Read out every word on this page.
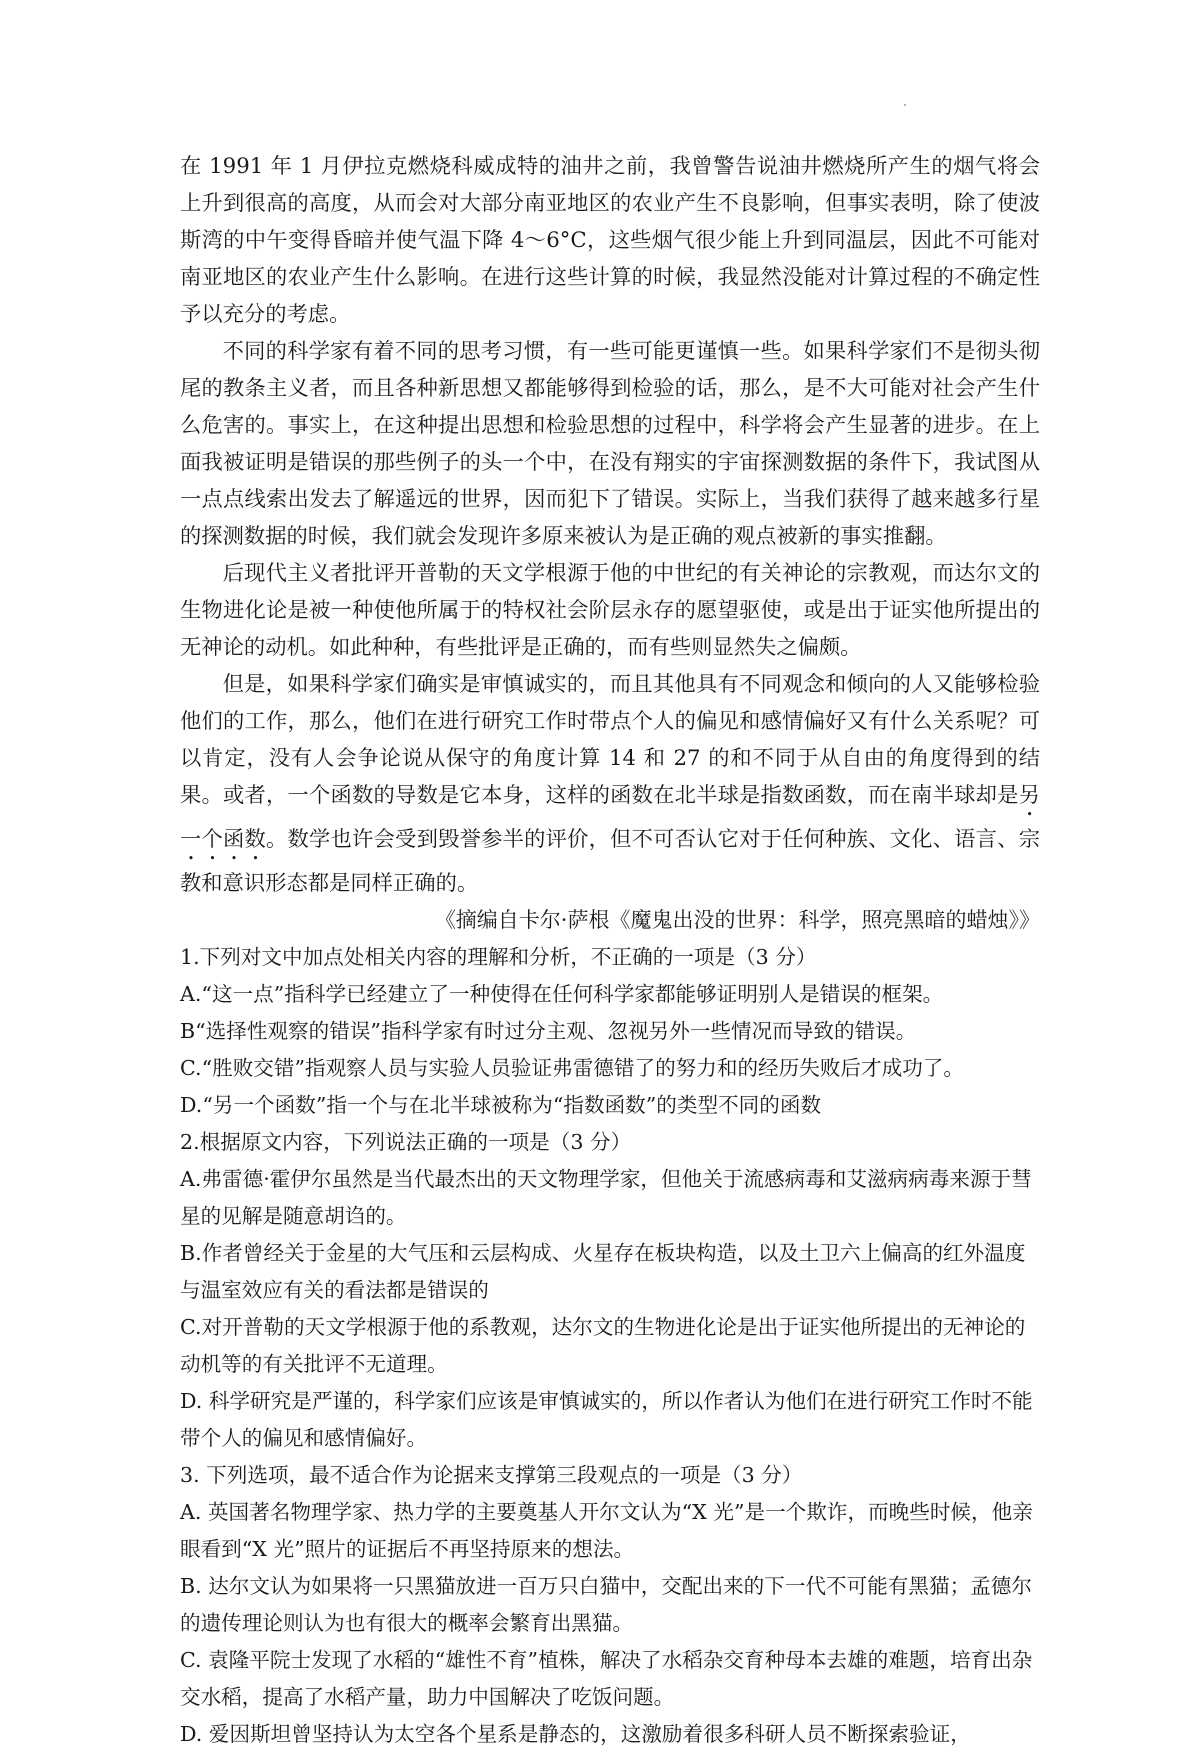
在 1991 年 1 月伊拉克燃烧科威成特的油井之前，我曾警告说油井燃烧所产生的烟气将会上升到很高的高度，从而会对大部分南亚地区的农业产生不良影响，但事实表明，除了使波斯湾的中午变得昏暗并使气温下降 4～6°C，这些烟气很少能上升到同温层，因此不可能对南亚地区的农业产生什么影响。在进行这些计算的时候，我显然没能对计算过程的不确定性予以充分的考虑。

不同的科学家有着不同的思考习惯，有一些可能更谨慎一些。如果科学家们不是彻头彻尾的教条主义者，而且各种新思想又都能够得到检验的话，那么，是不大可能对社会产生什么危害的。事实上，在这种提出思想和检验思想的过程中，科学将会产生显著的进步。在上面我被证明是错误的那些例子的头一个中，在没有翔实的宇宙探测数据的条件下，我试图从一点点线索出发去了解遥远的世界，因而犯下了错误。实际上，当我们获得了越来越多行星的探测数据的时候，我们就会发现许多原来被认为是正确的观点被新的事实推翻。

后现代主义者批评开普勒的天文学根源于他的中世纪的有关神论的宗教观，而达尔文的生物进化论是被一种使他所属于的特权社会阶层永存的愿望驱使，或是出于证实他所提出的无神论的动机。如此种种，有些批评是正确的，而有些则显然失之偏颇。

但是，如果科学家们确实是审慎诚实的，而且其他具有不同观念和倾向的人又能够检验他们的工作，那么，他们在进行研究工作时带点个人的偏见和感情偏好又有什么关系呢？可以肯定，没有人会争论说从保守的角度计算 14 和 27 的和不同于从自由的角度得到的结果。或者，一个函数的导数是它本身，这样的函数在北半球是指数函数，而在南半球却是另一个函数。数学也许会受到毁誉参半的评价，但不可否认它对于任何种族、文化、语言、宗教和意识形态都是同样正确的。

《摘编自卡尔·萨根《魔鬼出没的世界：科学，照亮黑暗的蜡烛》》

1.下列对文中加点处相关内容的理解和分析，不正确的一项是（3 分）

A.“这一点”指科学已经建立了一种使得在任何科学家都能够证明别人是错误的框架。

B“选择性观察的错误”指科学家有时过分主观、忽视另外一些情况而导致的错误。

C.“胜败交错”指观察人员与实验人员验证弗雷德错了的努力和的经历失败后才成功了。

D.“另一个函数”指一个与在北半球被称为“指数函数”的类型不同的函数

2.根据原文内容，下列说法正确的一项是（3 分）

A.弗雷德·霍伊尔虽然是当代最杰出的天文物理学家，但他关于流感病毒和艾滋病病毒来源于彗星的见解是随意胡诌的。

B.作者曾经关于金星的大气压和云层构成、火星存在板块构造，以及土卫六上偏高的红外温度与温室效应有关的看法都是错误的

C.对开普勒的天文学根源于他的系教观，达尔文的生物进化论是出于证实他所提出的无神论的动机等的有关批评不无道理。

D. 科学研究是严谨的，科学家们应该是审慎诚实的，所以作者认为他们在进行研究工作时不能带个人的偏见和感情偏好。

3. 下列选项，最不适合作为论据来支撑第三段观点的一项是（3 分）

A. 英国著名物理学家、热力学的主要奠基人开尔文认为“X 光”是一个欺诈，而晚些时候，他亲眼看到“X 光”照片的证据后不再坚持原来的想法。

B. 达尔文认为如果将一只黑猫放进一百万只白猫中，交配出来的下一代不可能有黑猫；孟德尔的遗传理论则认为也有很大的概率会繁育出黑猫。

C. 袁隆平院士发现了水稻的“雄性不育”植株，解决了水稻杂交育种母本去雄的难题，培育出杂交水稻，提高了水稻产量，助力中国解决了吃饭问题。

D. 爱因斯坦曾坚持认为太空各个星系是静态的，这激励着很多科研人员不断探索验证，
